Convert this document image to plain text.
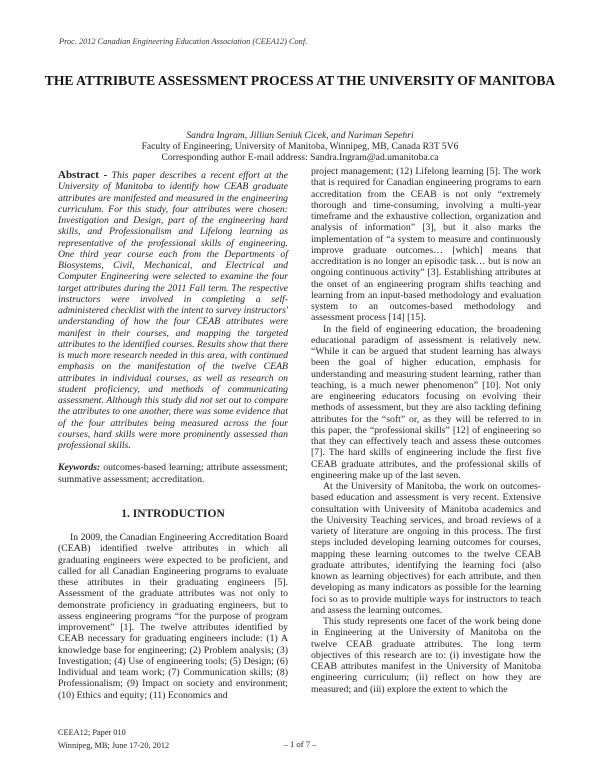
Proc. 2012 Canadian Engineering Education Association (CEEA12) Conf.
THE ATTRIBUTE ASSESSMENT PROCESS AT THE UNIVERSITY OF MANITOBA
Sandra Ingram, Jillian Seniuk Cicek, and Nariman Sepehri
Faculty of Engineering, University of Manitoba, Winnipeg, MB, Canada R3T 5V6
Corresponding author E-mail address: Sandra.Ingram@ad.umanitoba.ca

Abstract - This paper describes a recent effort at the University of Manitoba to identify how CEAB graduate attributes are manifested and measured in the engineering curriculum. For this study, four attributes were chosen: Investigation and Design, part of the engineering hard skills, and Professionalism and Lifelong learning as representative of the professional skills of engineering. One third year course each from the Departments of Biosystems, Civil, Mechanical, and Electrical and Computer Engineering were selected to examine the four target attributes during the 2011 Fall term. The respective instructors were involved in completing a self-administered checklist with the intent to survey instructors' understanding of how the four CEAB attributes were manifest in their courses, and mapping the targeted attributes to the identified courses. Results show that there is much more research needed in this area, with continued emphasis on the manifestation of the twelve CEAB attributes in individual courses, as well as research on student proficiency, and methods of communicating assessment. Although this study did not set out to compare the attributes to one another, there was some evidence that of the four attributes being measured across the four courses, hard skills were more prominently assessed than professional skills.

Keywords: outcomes-based learning; attribute assessment; summative assessment; accreditation.

1. INTRODUCTION

In 2009, the Canadian Engineering Accreditation Board (CEAB) identified twelve attributes in which all graduating engineers were expected to be proficient, and called for all Canadian Engineering programs to evaluate these attributes in their graduating engineers [5]. Assessment of the graduate attributes was not only to demonstrate proficiency in graduating engineers, but to assess engineering programs “for the purpose of program improvement” [1]. The twelve attributes identified by CEAB necessary for graduating engineers include: (1) A knowledge base for engineering; (2) Problem analysis; (3) Investigation; (4) Use of engineering tools; (5) Design; (6) Individual and team work; (7) Communication skills; (8) Professionalism; (9) Impact on society and environment; (10) Ethics and equity; (11) Economics and

project management; (12) Lifelong learning [5]. The work that is required for Canadian engineering programs to earn accreditation from the CEAB is not only “extremely thorough and time-consuming, involving a multi-year timeframe and the exhaustive collection, organization and analysis of information” [3], but it also marks the implementation of “a system to measure and continuously improve graduate outcomes… [which] means that accreditation is no longer an episodic task… but is now an ongoing continuous activity” [3]. Establishing attributes at the onset of an engineering program shifts teaching and learning from an input-based methodology and evaluation system to an outcomes-based methodology and assessment process [14] [15].

In the field of engineering education, the broadening educational paradigm of assessment is relatively new. “While it can be argued that student learning has always been the goal of higher education, emphasis for understanding and measuring student learning, rather than teaching, is a much newer phenomenon” [10]. Not only are engineering educators focusing on evolving their methods of assessment, but they are also tackling defining attributes for the “soft” or, as they will be referred to in this paper, the “professional skills” [12] of engineering so that they can effectively teach and assess these outcomes [7]. The hard skills of engineering include the first five CEAB graduate attributes, and the professional skills of engineering make up of the last seven.

At the University of Manitoba, the work on outcomes-based education and assessment is very recent. Extensive consultation with University of Manitoba academics and the University Teaching services, and broad reviews of a variety of literature are ongoing in this process. The first steps included developing learning outcomes for courses, mapping these learning outcomes to the twelve CEAB graduate attributes, identifying the learning foci (also known as learning objectives) for each attribute, and then developing as many indicators as possible for the learning foci so as to provide multiple ways for instructors to teach and assess the learning outcomes.

This study represents one facet of the work being done in Engineering at the University of Manitoba on the twelve CEAB graduate attributes. The long term objectives of this research are to: (i) investigate how the CEAB attributes manifest in the University of Manitoba engineering curriculum; (ii) reflect on how they are measured; and (iii) explore the extent to which the

CEEA12; Paper 010
Winnipeg, MB; June 17-20, 2012	– 1 of 7 –
